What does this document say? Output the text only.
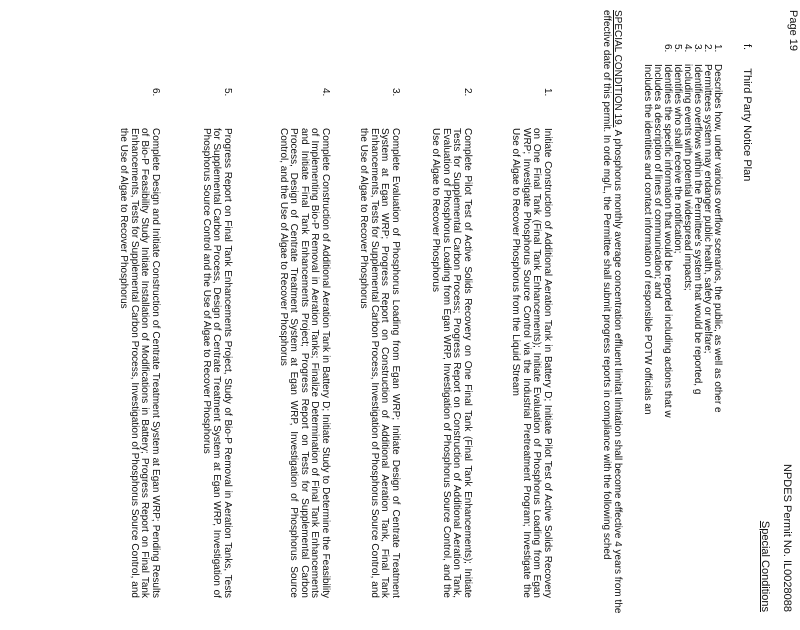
Page 19
NPDES Permit No. IL0028088
Special Conditions
f.      Third Party Notice Plan
1.
Describes how, under various overflow scenarios, the public, as well as other e
2.
Permittees system may endanger public health, safety or welfare;
3.
Identifies overflows within the Permittee's system that would be reported, g
4.
including events with potential widespread impacts;
5.
Identifies who shall receive the notification;
6.
Identifies the specific information that would be reported including actions that w
Includes a description of lines of communication; and
Includes the identities and contact information of responsible POTW officials an
SPECIAL CONDITION 19. A phosphorus monthly average concentration effluent limitat limitation shall become effective 4 years from the effective date of this permit. In orde mg/L, the Permittee shall submit progress reports in compliance with the following sched
1.
Initiate Construction of Additional Aeration Tank in Battery D; Initiate Pilot Test of Active Solids Recovery on One Final Tank (Final Tank Enhancements); Initiate Evaluation of Phosphorus Loading from Egan WRP; Investigate Phosphorus Source Control via the Industrial Pretreatment Program; Investigate the Use of Algae to Recover Phosphorus from the Liquid Stream
2.
Complete Pilot Test of Active Solids Recovery on One Final Tank (Final Tank Enhancements); Initiate Tests for Supplemental Carbon Process; Progress Report on Construction of Additional Aeration Tank, Evaluation of Phosphorus Loading from Egan WRP, Investigation of Phosphorus Source Control, and the Use of Algae to Recover Phosphorus
3.
Complete Evaluation of Phosphorus Loading from Egan WRP; Initiate Design of Centrate Treatment System at Egan WRP; Progress Report on Construction of Additional Aeration Tank, Final Tank Enhancements, Tests for Supplemental Carbon Process, Investigation of Phosphorus Source Control, and the Use of Algae to Recover Phosphorus
4.
Complete Construction of Additional Aeration Tank in Battery D; Initiate Study to Determine the Feasibility of Implementing Bio-P Removal in Aeration Tanks; Finalize Determination of Final Tank Enhancements and Initiate Final Tank Enhancements Project; Progress Report on Tests for Supplemental Carbon Process, Design of Centrate Treatment System at Egan WRP, Investigation of Phosphorus Source Control, and the Use of Algae to Recover Phosphorus
5.
Progress Report on Final Tank Enhancements Project, Study of Bio-P Removal in Aeration Tanks, Tests for Supplemental Carbon Process, Design of Centrate Treatment System at Egan WRP, Investigation of Phosphorus Source Control and the Use of Algae to Recover Phosphorus
6.
Complete Design and Initiate Construction of Centrate Treatment System at Egan WRP; Pending Results of Bio-P Feasibility Study Initiate Installation of Modifications in Battery; Progress Report on Final Tank Enhancements, Tests for Supplemental Carbon Process, Investigation of Phosphorus Source Control, and the Use of Algae to Recover Phosphorus
